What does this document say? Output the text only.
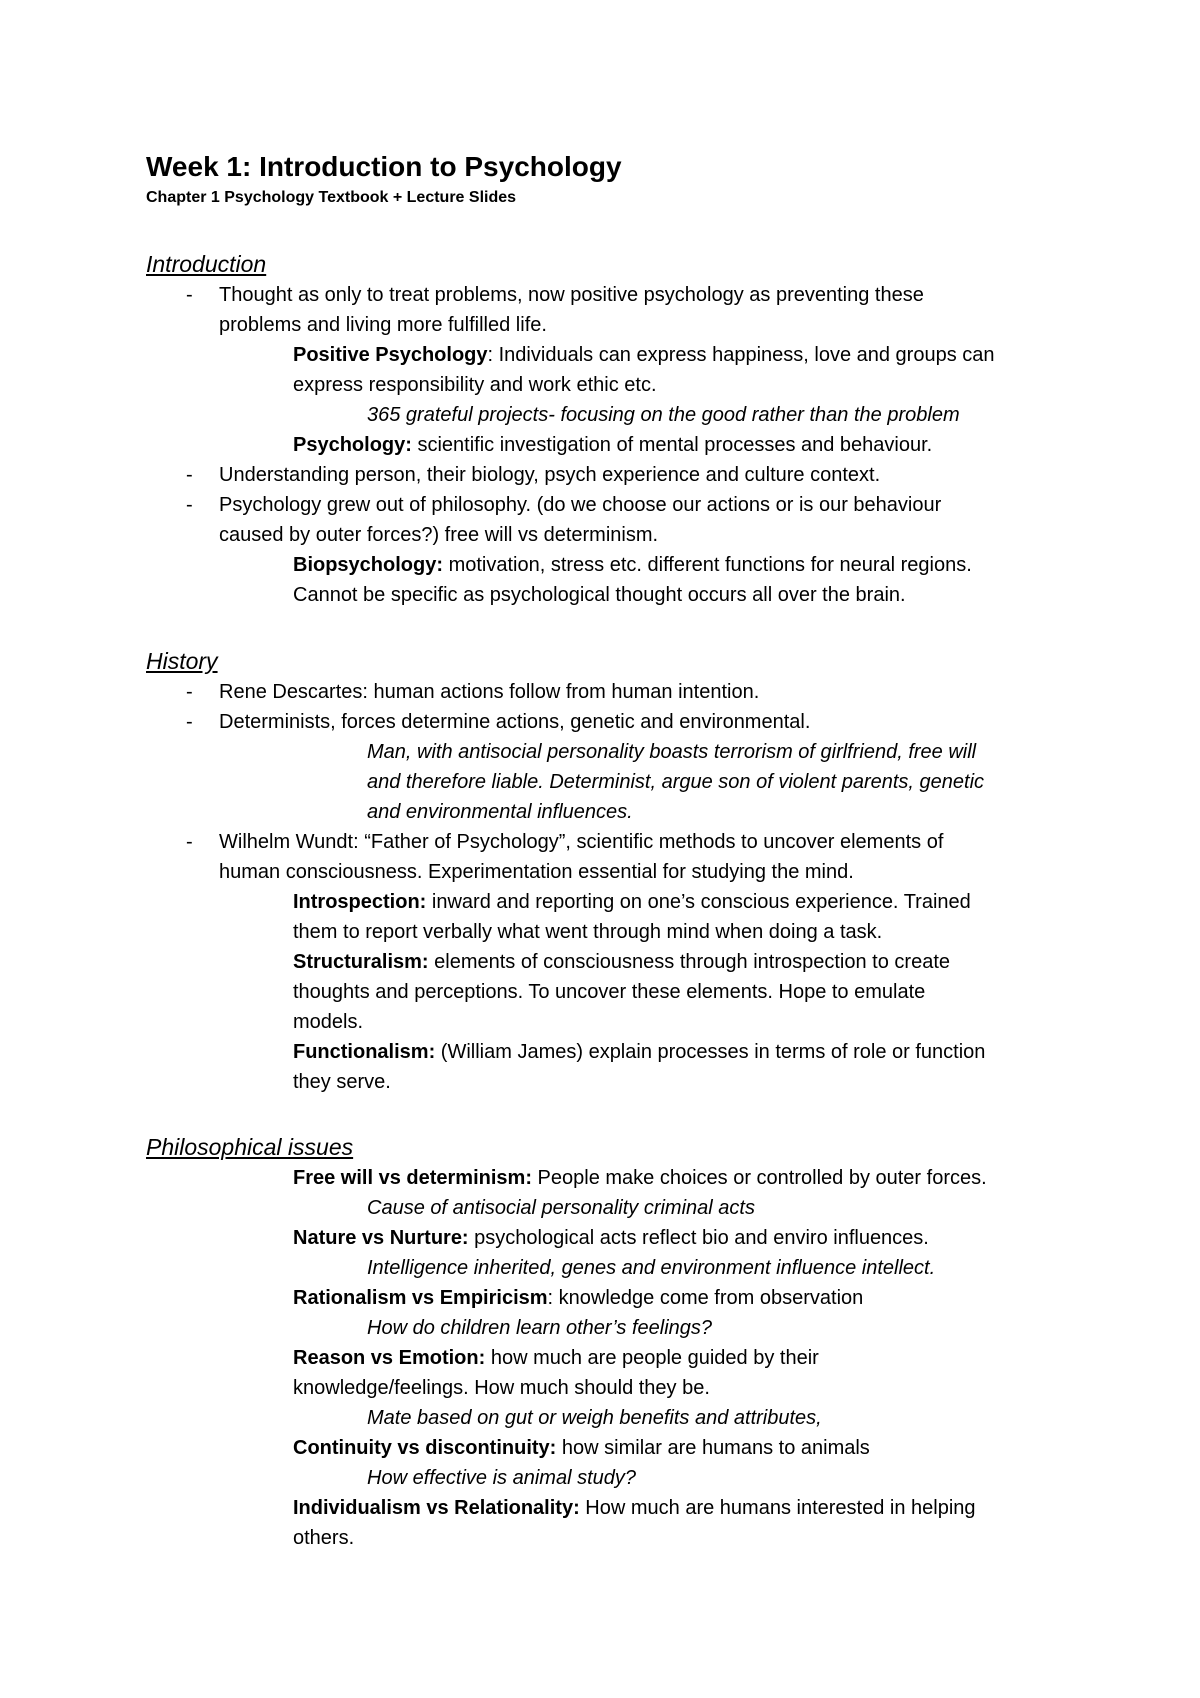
Week 1: Introduction to Psychology
Chapter 1 Psychology Textbook + Lecture Slides
Introduction
- Thought as only to treat problems, now positive psychology as preventing these
problems and living more fulfilled life.
Positive Psychology: Individuals can express happiness, love and groups can
express responsibility and work ethic etc.
365 grateful projects- focusing on the good rather than the problem
Psychology: scientific investigation of mental processes and behaviour.
- Understanding person, their biology, psych experience and culture context.
- Psychology grew out of philosophy. (do we choose our actions or is our behaviour
caused by outer forces?) free will vs determinism.
Biopsychology: motivation, stress etc. different functions for neural regions.
Cannot be specific as psychological thought occurs all over the brain.
History
- Rene Descartes: human actions follow from human intention.
- Determinists, forces determine actions, genetic and environmental.
Man, with antisocial personality boasts terrorism of girlfriend, free will
and therefore liable. Determinist, argue son of violent parents, genetic
and environmental influences.
- Wilhelm Wundt: “Father of Psychology”, scientific methods to uncover elements of
human consciousness. Experimentation essential for studying the mind.
Introspection: inward and reporting on one’s conscious experience. Trained
them to report verbally what went through mind when doing a task.
Structuralism: elements of consciousness through introspection to create
thoughts and perceptions. To uncover these elements. Hope to emulate
models.
Functionalism: (William James) explain processes in terms of role or function
they serve.
Philosophical issues
Free will vs determinism: People make choices or controlled by outer forces.
Cause of antisocial personality criminal acts
Nature vs Nurture: psychological acts reflect bio and enviro influences.
Intelligence inherited, genes and environment influence intellect.
Rationalism vs Empiricism: knowledge come from observation
How do children learn other’s feelings?
Reason vs Emotion: how much are people guided by their
knowledge/feelings. How much should they be.
Mate based on gut or weigh benefits and attributes,
Continuity vs discontinuity: how similar are humans to animals
How effective is animal study?
Individualism vs Relationality: How much are humans interested in helping
others.
